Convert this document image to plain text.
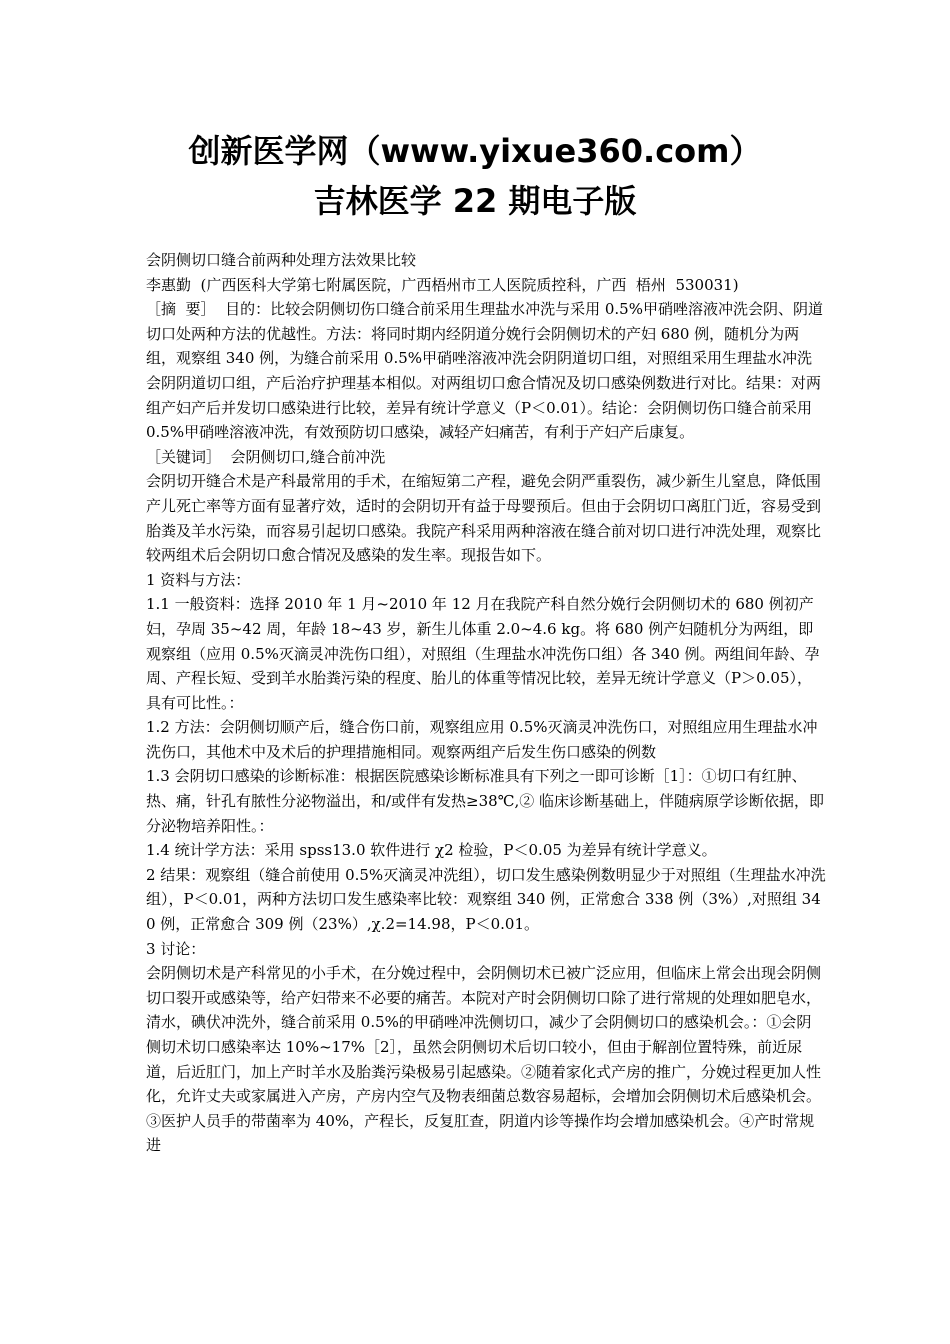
创新医学网（www.yixue360.com）
吉林医学 22 期电子版

会阴侧切口缝合前两种处理方法效果比较

李惠勤  (广西医科大学第七附属医院，广西梧州市工人医院质控科，广西  梧州  530031)

［摘  要］  目的：比较会阴侧切伤口缝合前采用生理盐水冲洗与采用 0.5%甲硝唑溶液冲洗会阴、阴道切口处两种方法的优越性。方法：将同时期内经阴道分娩行会阴侧切术的产妇 680 例，随机分为两组，观察组 340 例，为缝合前采用 0.5%甲硝唑溶液冲洗会阴阴道切口组，对照组采用生理盐水冲洗会阴阴道切口组，产后治疗护理基本相似。对两组切口愈合情况及切口感染例数进行对比。结果：对两组产妇产后并发切口感染进行比较，差异有统计学意义（P＜0.01）。结论：会阴侧切伤口缝合前采用 0.5%甲硝唑溶液冲洗，有效预防切口感染，减轻产妇痛苦，有利于产妇产后康复。

［关键词］  会阴侧切口,缝合前冲洗

会阴切开缝合术是产科最常用的手术，在缩短第二产程，避免会阴严重裂伤，减少新生儿窒息，降低围产儿死亡率等方面有显著疗效，适时的会阴切开有益于母婴预后。但由于会阴切口离肛门近，容易受到胎粪及羊水污染，而容易引起切口感染。我院产科采用两种溶液在缝合前对切口进行冲洗处理，观察比较两组术后会阴切口愈合情况及感染的发生率。现报告如下。

1 资料与方法：

1.1 一般资料：选择 2010 年 1 月~2010 年 12 月在我院产科自然分娩行会阴侧切术的 680 例初产妇，孕周 35~42 周，年龄 18~43 岁，新生儿体重 2.0~4.6 kg。将 680 例产妇随机分为两组，即观察组（应用 0.5%灭滴灵冲洗伤口组），对照组（生理盐水冲洗伤口组）各 340 例。两组间年龄、孕周、产程长短、受到羊水胎粪污染的程度、胎儿的体重等情况比较，差异无统计学意义（P＞0.05），具有可比性。：

1.2 方法：会阴侧切顺产后，缝合伤口前，观察组应用 0.5%灭滴灵冲洗伤口，对照组应用生理盐水冲洗伤口，其他术中及术后的护理措施相同。观察两组产后发生伤口感染的例数

1.3 会阴切口感染的诊断标准：根据医院感染诊断标准具有下列之一即可诊断［1］：①切口有红肿、热、痛，针孔有脓性分泌物溢出，和/或伴有发热≥38℃,② 临床诊断基础上，伴随病原学诊断依据，即分泌物培养阳性。：

1.4 统计学方法：采用 spss13.0 软件进行 χ2 检验，P＜0.05 为差异有统计学意义。

2 结果：观察组（缝合前使用 0.5%灭滴灵冲洗组），切口发生感染例数明显少于对照组（生理盐水冲洗组），P＜0.01，两种方法切口发生感染率比较：观察组 340 例，正常愈合 338 例（3%）,对照组 340 例，正常愈合 309 例（23%）,χ.2=14.98，P＜0.01。

3 讨论：

会阴侧切术是产科常见的小手术，在分娩过程中，会阴侧切术已被广泛应用，但临床上常会出现会阴侧切口裂开或感染等，给产妇带来不必要的痛苦。本院对产时会阴侧切口除了进行常规的处理如肥皂水，清水，碘伏冲洗外，缝合前采用 0.5%的甲硝唑冲洗侧切口，减少了会阴侧切口的感染机会。：①会阴侧切术切口感染率达 10%~17%［2］，虽然会阴侧切术后切口较小，但由于解剖位置特殊，前近尿道，后近肛门，加上产时羊水及胎粪污染极易引起感染。②随着家化式产房的推广，分娩过程更加人性化，允许丈夫或家属进入产房，产房内空气及物表细菌总数容易超标，会增加会阴侧切术后感染机会。③医护人员手的带菌率为 40%，产程长，反复肛查，阴道内诊等操作均会增加感染机会。④产时常规进
